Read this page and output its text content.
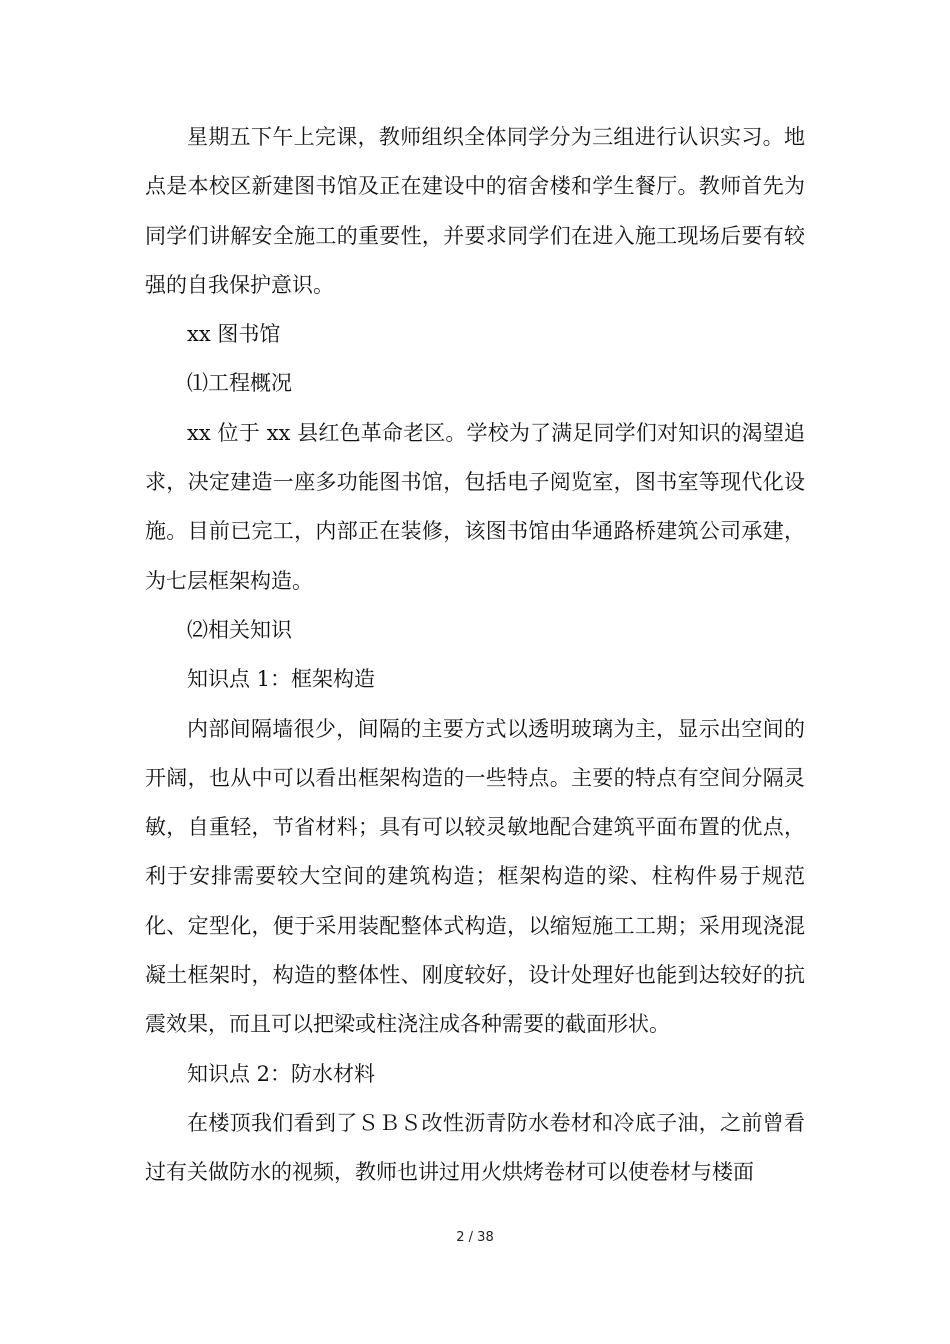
星期五下午上完课，教师组织全体同学分为三组进行认识实习。地点是本校区新建图书馆及正在建设中的宿舍楼和学生餐厅。教师首先为同学们讲解安全施工的重要性，并要求同学们在进入施工现场后要有较强的自我保护意识。

xx 图书馆

⑴工程概况

xx 位于 xx 县红色革命老区。学校为了满足同学们对知识的渴望追求，决定建造一座多功能图书馆，包括电子阅览室，图书室等现代化设施。目前已完工，内部正在装修，该图书馆由华通路桥建筑公司承建，为七层框架构造。

⑵相关知识

知识点 1：框架构造

内部间隔墙很少，间隔的主要方式以透明玻璃为主，显示出空间的开阔，也从中可以看出框架构造的一些特点。主要的特点有空间分隔灵敏，自重轻，节省材料；具有可以较灵敏地配合建筑平面布置的优点，利于安排需要较大空间的建筑构造；框架构造的梁、柱构件易于规范化、定型化，便于采用装配整体式构造，以缩短施工工期；采用现浇混凝土框架时，构造的整体性、刚度较好，设计处理好也能到达较好的抗震效果，而且可以把梁或柱浇注成各种需要的截面形状。

知识点 2：防水材料

在楼顶我们看到了ＳＢＳ改性沥青防水卷材和冷底子油，之前曾看过有关做防水的视频，教师也讲过用火烘烤卷材可以使卷材与楼面

2 / 38
